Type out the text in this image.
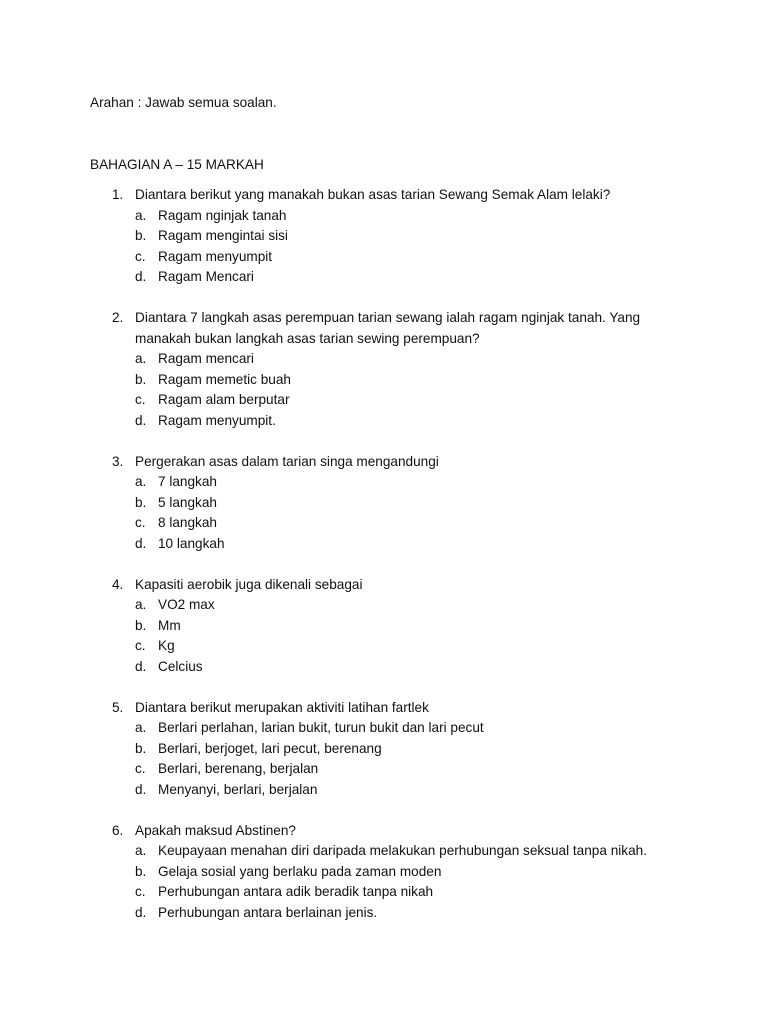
Arahan : Jawab semua soalan.
BAHAGIAN A – 15 MARKAH
1. Diantara berikut yang manakah bukan asas tarian Sewang Semak Alam lelaki?
a. Ragam nginjak tanah
b. Ragam mengintai sisi
c. Ragam menyumpit
d. Ragam Mencari
2. Diantara 7 langkah asas perempuan tarian sewang ialah ragam nginjak tanah. Yang manakah bukan langkah asas tarian sewing perempuan?
a. Ragam mencari
b. Ragam memetic buah
c. Ragam alam berputar
d. Ragam menyumpit.
3. Pergerakan asas dalam tarian singa mengandungi
a. 7 langkah
b. 5 langkah
c. 8 langkah
d. 10 langkah
4. Kapasiti aerobik juga dikenali sebagai
a. VO2 max
b. Mm
c. Kg
d. Celcius
5. Diantara berikut merupakan aktiviti latihan fartlek
a. Berlari perlahan, larian bukit, turun bukit dan lari pecut
b. Berlari, berjoget, lari pecut, berenang
c. Berlari, berenang, berjalan
d. Menyanyi, berlari, berjalan
6. Apakah maksud Abstinen?
a. Keupayaan menahan diri daripada melakukan perhubungan seksual tanpa nikah.
b. Gelaja sosial yang berlaku pada zaman moden
c. Perhubungan antara adik beradik tanpa nikah
d. Perhubungan antara berlainan jenis.
